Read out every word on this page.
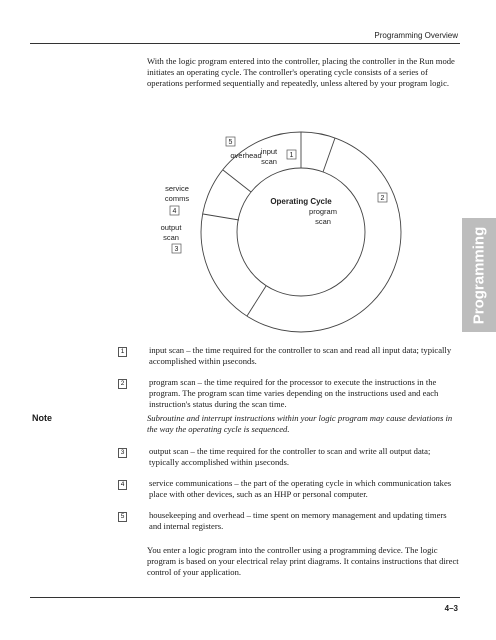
Programming Overview

With the logic program entered into the controller, placing the controller in the Run mode initiates an operating cycle. The controller's operating cycle consists of a series of operations performed sequentially and repeatedly, unless altered by your program logic.

Operating Cycle
overhead
5
1
input
scan
2
program
scan
service
comms
4
output
scan
3	Programming
1	input scan – the time required for the controller to scan and read all input data; typically accomplished within µseconds.
2	program scan – the time required for the processor to execute the instructions in the program. The program scan time varies depending on the instructions used and each instruction's status during the scan time.
Note	Subroutine and interrupt instructions within your logic program may cause deviations in the way the operating cycle is sequenced.
3	output scan – the time required for the controller to scan and write all output data; typically accomplished within µseconds.
4	service communications – the part of the operating cycle in which communication takes place with other devices, such as an HHP or personal computer.
5	housekeeping and overhead – time spent on memory management and updating timers and internal registers.

You enter a logic program into the controller using a programming device. The logic program is based on your electrical relay print diagrams. It contains instructions that direct control of your application.

4–3
